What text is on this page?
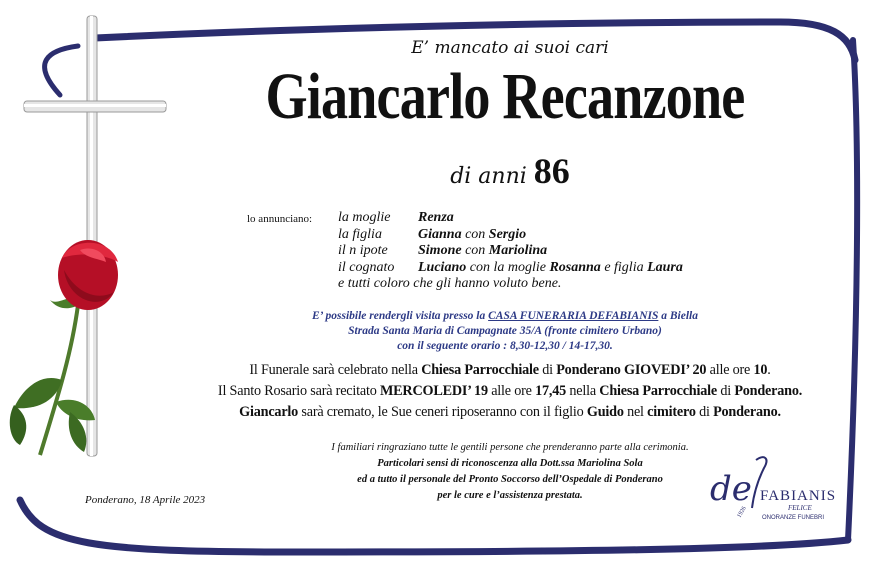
E’ mancato ai suoi cari
Giancarlo Recanzone
di anni 86
lo annunciano: la moglie Renza
la figlia	Gianna con Sergio
il n ipote Simone con Mariolina
il cognato Luciano con la moglie Rosanna e figlia Laura
e tutti coloro che gli hanno voluto bene.
E’ possibile rendergli visita presso la CASA FUNERARIA DEFABIANIS a Biella
Strada Santa Maria di Campagnate 35/A (fronte cimitero Urbano)
con il seguente orario : 8,30-12,30 / 14-17,30.
Il Funerale sarà celebrato nella Chiesa Parrocchiale di Ponderano GIOVEDI’ 20 alle ore 10.
Il Santo Rosario sarà recitato MERCOLEDI’ 19 alle ore 17,45 nella Chiesa Parrocchiale di Ponderano.
Giancarlo sarà cremato, le Sue ceneri riposeranno con il figlio Guido nel cimitero di Ponderano.
I familiari ringraziano tutte le gentili persone che prenderanno parte alla cerimonia.
Particolari sensi di riconoscenza alla Dott.ssa Mariolina Sola
ed a tutto il personale del Pronto Soccorso dell’Ospedale di Ponderano
per le cure e l’assistenza prestata.
Ponderano, 18 Aprile 2023	de FABIANIS
FELICE
ONORANZE FUNEBRI
1926
